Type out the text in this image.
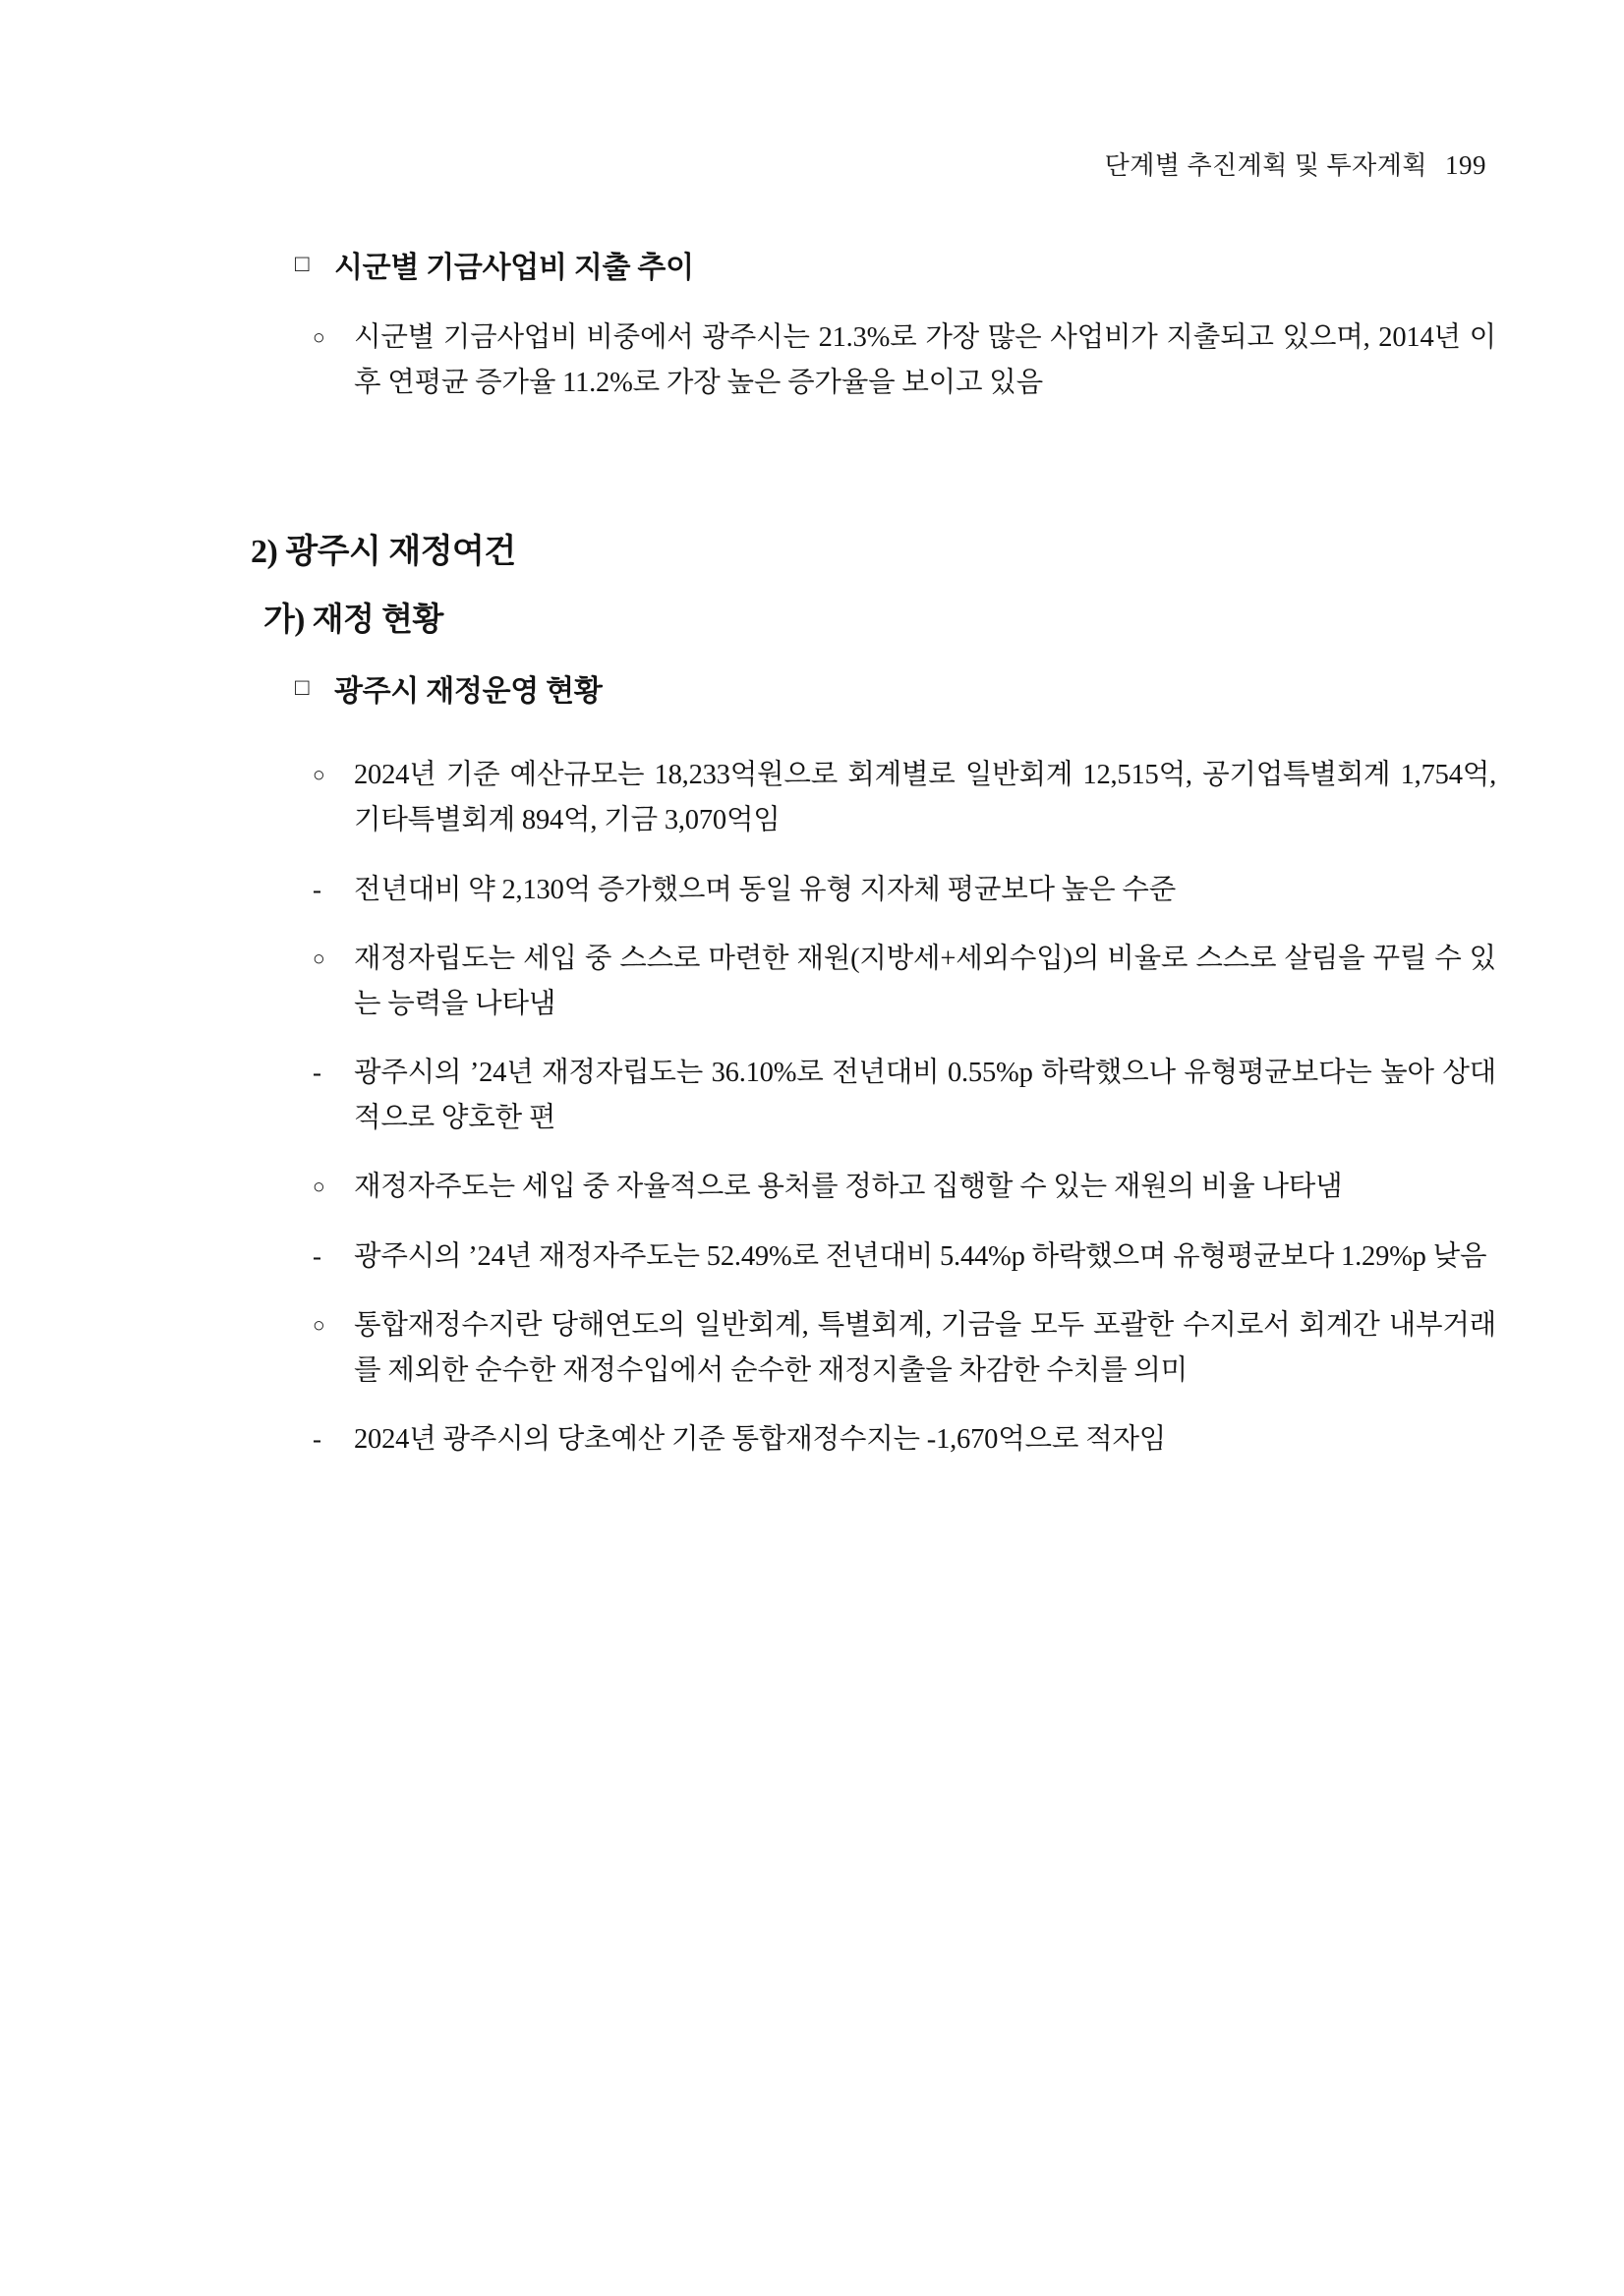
단계별 추진계획 및 투자계획 199
□ 시군별 기금사업비 지출 추이
○	시군별 기금사업비 비중에서 광주시는 21.3%로 가장 많은 사업비가 지출되고 있으며, 2014년 이후 연평균 증가율 11.2%로 가장 높은 증가율을 보이고 있음
2) 광주시 재정여건
가) 재정 현황
□ 광주시 재정운영 현황
○	2024년 기준 예산규모는 18,233억원으로 회계별로 일반회계 12,515억, 공기업특별회계 1,754억, 기타특별회계 894억, 기금 3,070억임
-	전년대비 약 2,130억 증가했으며 동일 유형 지자체 평균보다 높은 수준
○	재정자립도는 세입 중 스스로 마련한 재원(지방세+세외수입)의 비율로 스스로 살림을 꾸릴 수 있는 능력을 나타냄
-	광주시의 ’24년 재정자립도는 36.10%로 전년대비 0.55%p 하락했으나 유형평균보다는 높아 상대적으로 양호한 편
○	재정자주도는 세입 중 자율적으로 용처를 정하고 집행할 수 있는 재원의 비율 나타냄
-	광주시의 ’24년 재정자주도는 52.49%로 전년대비 5.44%p 하락했으며 유형평균보다 1.29%p 낮음
○	통합재정수지란 당해연도의 일반회계, 특별회계, 기금을 모두 포괄한 수지로서 회계간 내부거래를 제외한 순수한 재정수입에서 순수한 재정지출을 차감한 수치를 의미
-	2024년 광주시의 당초예산 기준 통합재정수지는 -1,670억으로 적자임
